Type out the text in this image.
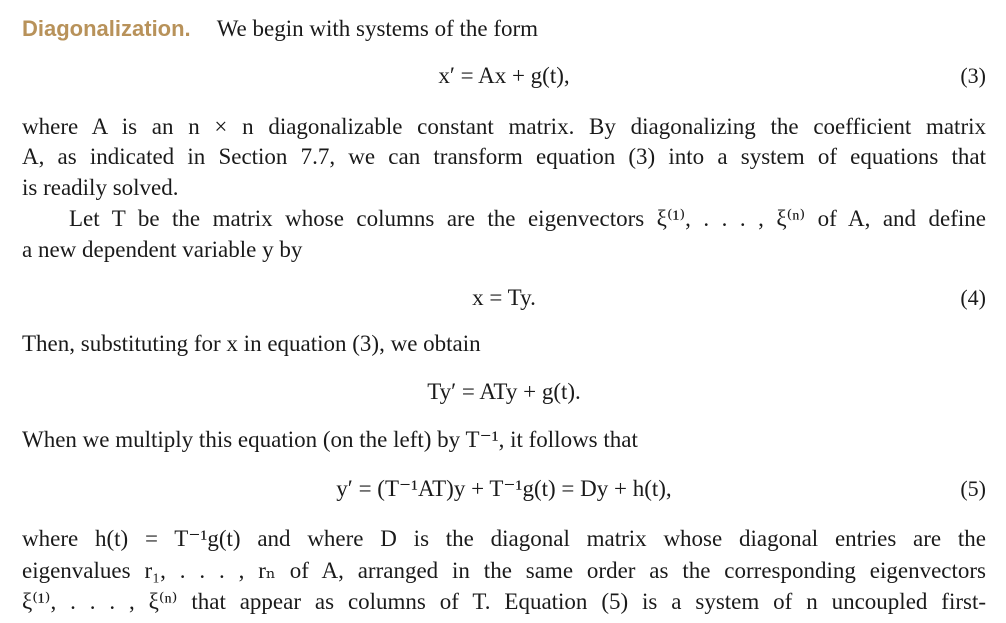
Diagonalization. We begin with systems of the form
x′ = Ax + g(t),	(3)
where A is an n × n diagonalizable constant matrix. By diagonalizing the coefficient matrix
A, as indicated in Section 7.7, we can transform equation (3) into a system of equations that
is readily solved.
Let T be the matrix whose columns are the eigenvectors ξ⁽¹⁾, . . . , ξ⁽ⁿ⁾ of A, and define
a new dependent variable y by
x = Ty.	(4)
Then, substituting for x in equation (3), we obtain
Ty′ = ATy + g(t).
When we multiply this equation (on the left) by T⁻¹, it follows that
y′ = (T⁻¹AT)y + T⁻¹g(t) = Dy + h(t),	(5)
where h(t) = T⁻¹g(t) and where D is the diagonal matrix whose diagonal entries are the
eigenvalues r₁, . . . , rₙ of A, arranged in the same order as the corresponding eigenvectors
ξ⁽¹⁾, . . . , ξ⁽ⁿ⁾ that appear as columns of T. Equation (5) is a system of n uncoupled first-
